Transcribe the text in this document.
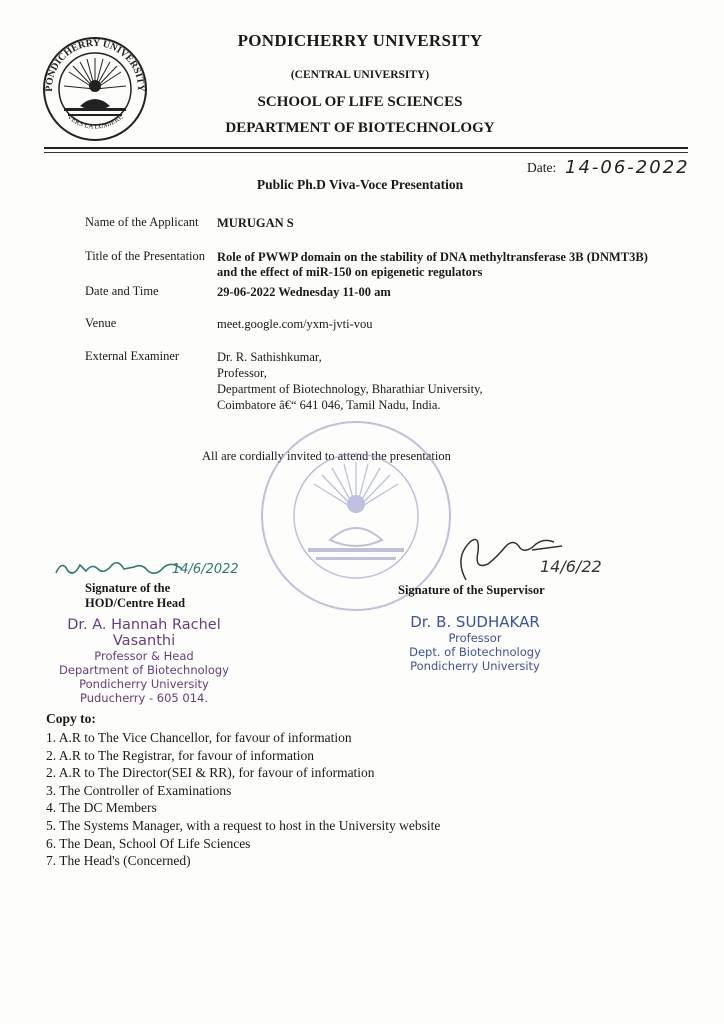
PONDICHERRY UNIVERSITY
VERS LA LUMIERE
PONDICHERRY UNIVERSITY
(CENTRAL UNIVERSITY)
SCHOOL OF LIFE SCIENCES
DEPARTMENT OF BIOTECHNOLOGY
Date: 14-06-2022
Public Ph.D Viva-Voce Presentation
Name of the Applicant MURUGAN S
Title of the Presentation Role of PWWP domain on the stability of DNA methyltransferase 3B (DNMT3B)
and the effect of miR-150 on epigenetic regulators
Date and Time	29-06-2022 Wednesday 11-00 am
Venue	meet.google.com/yxm-jvti-vou
External Examiner	Dr. R. Sathishkumar,
Professor,
Department of Biotechnology, Bharathiar University,
Coimbatore â€“ 641 046, Tamil Nadu, India.
All are cordially invited to attend the presentation
14/6/2022
Signature of the
HOD/Centre Head
Dr. A. Hannah Rachel Vasanthi
Professor & Head
Department of Biotechnology
Pondicherry University
Puducherry - 605 014.
14/6/22
Signature of the Supervisor
Dr. B. SUDHAKAR
Professor
Dept. of Biotechnology
Pondicherry University
Copy to:
1. A.R to The Vice Chancellor, for favour of information
2. A.R to The Registrar, for favour of information
2. A.R to The Director(SEI & RR), for favour of information
3. The Controller of Examinations
4. The DC Members
5. The Systems Manager, with a request to host in the University website
6. The Dean, School Of Life Sciences
7. The Head's (Concerned)
